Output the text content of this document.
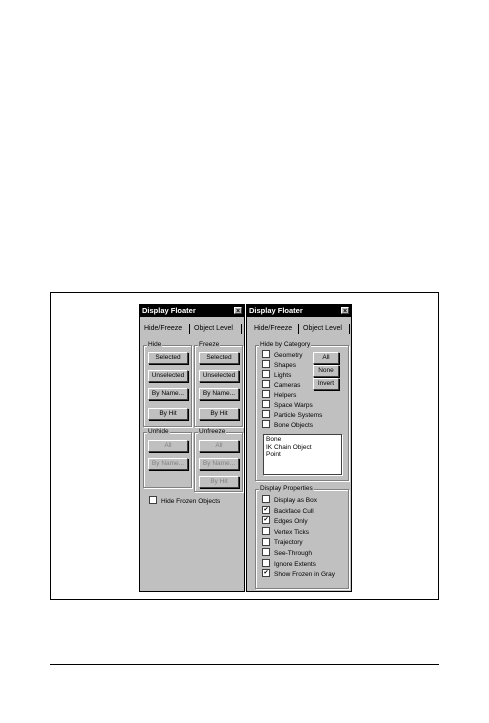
Display Floater	×
Hide/Freeze Object Level
Hide
Selected
Unselected
By Name...
By Hit
Freeze
Selected
Unselected
By Name...
By Hit
Unhide
All
By Name...
Unfreeze
All
By Name...
By Hit
Hide Frozen Objects
Display Floater	×
Hide/Freeze Object Level
Hide by Category
Geometry
Shapes
Lights
Cameras
Helpers
Space Warps
Particle Systems
Bone Objects
All
None
Invert
Bone
IK Chain Object
Point
Display Properties
Display as Box
✔ Backface Cull
✔ Edges Only
Vertex Ticks
Trajectory
See-Through
Ignore Extents
✔ Show Frozen in Gray
